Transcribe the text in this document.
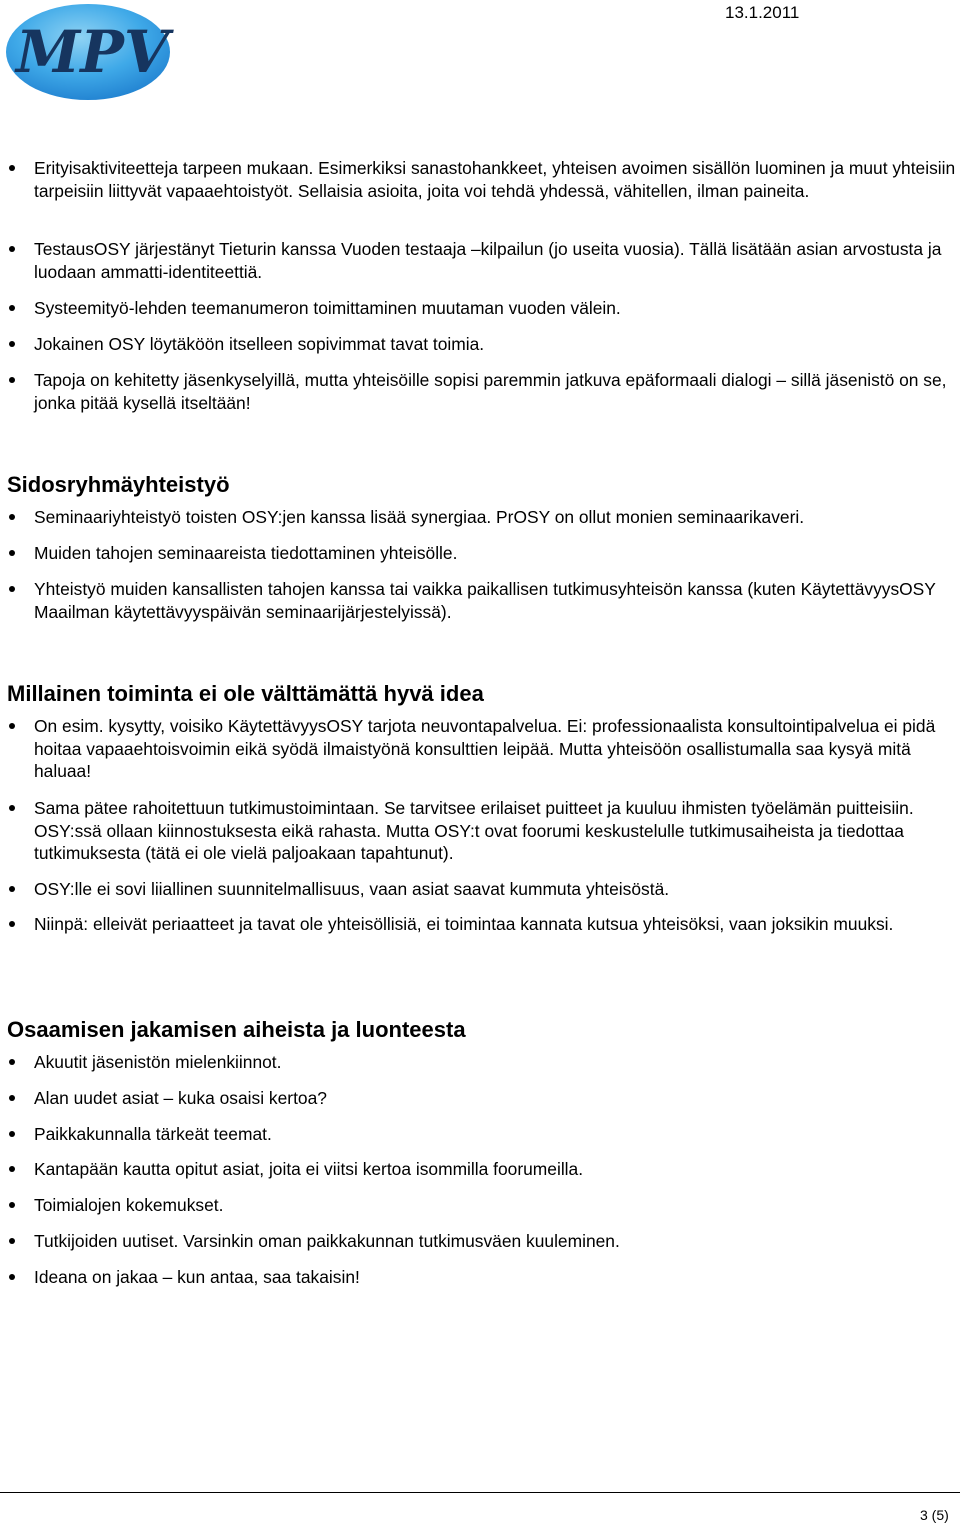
MPV
13.1.2011
Erityisaktiviteetteja tarpeen mukaan. Esimerkiksi sanastohankkeet, yhteisen avoimen sisällön luominen ja muut yhteisiin tarpeisiin liittyvät vapaaehtoistyöt. Sellaisia asioita, joita voi tehdä yhdessä, vähitellen, ilman paineita.
TestausOSY järjestänyt Tieturin kanssa Vuoden testaaja –kilpailun (jo useita vuosia). Tällä lisätään asian arvostusta ja luodaan ammatti-identiteettiä.
Systeemityö-lehden teemanumeron toimittaminen muutaman vuoden välein.
Jokainen OSY löytäköön itselleen sopivimmat tavat toimia.
Tapoja on kehitetty jäsenkyselyillä, mutta yhteisöille sopisi paremmin jatkuva epäformaali dialogi – sillä jäsenistö on se, jonka pitää kysellä itseltään!
Sidosryhmäyhteistyö
Seminaariyhteistyö toisten OSY:jen kanssa lisää synergiaa. PrOSY on ollut monien seminaarikaveri.
Muiden tahojen seminaareista tiedottaminen yhteisölle.
Yhteistyö muiden kansallisten tahojen kanssa tai vaikka paikallisen tutkimusyhteisön kanssa (kuten KäytettävyysOSY Maailman käytettävyyspäivän seminaarijärjestelyissä).
Millainen toiminta ei ole välttämättä hyvä idea
On esim. kysytty, voisiko KäytettävyysOSY tarjota neuvontapalvelua. Ei: professionaalista konsultointipalvelua ei pidä hoitaa vapaaehtoisvoimin eikä syödä ilmaistyönä konsulttien leipää. Mutta yhteisöön osallistumalla saa kysyä mitä haluaa!
Sama pätee rahoitettuun tutkimustoimintaan. Se tarvitsee erilaiset puitteet ja kuuluu ihmisten työelämän puitteisiin. OSY:ssä ollaan kiinnostuksesta eikä rahasta. Mutta OSY:t ovat foorumi keskustelulle tutkimusaiheista ja tiedottaa tutkimuksesta (tätä ei ole vielä paljoakaan tapahtunut).
OSY:lle ei sovi liiallinen suunnitelmallisuus, vaan asiat saavat kummuta yhteisöstä.
Niinpä: elleivät periaatteet ja tavat ole yhteisöllisiä, ei toimintaa kannata kutsua yhteisöksi, vaan joksikin muuksi.
Osaamisen jakamisen aiheista ja luonteesta
Akuutit jäsenistön mielenkiinnot.
Alan uudet asiat – kuka osaisi kertoa?
Paikkakunnalla tärkeät teemat.
Kantapään kautta opitut asiat, joita ei viitsi kertoa isommilla foorumeilla.
Toimialojen kokemukset.
Tutkijoiden uutiset. Varsinkin oman paikkakunnan tutkimusväen kuuleminen.
Ideana on jakaa – kun antaa, saa takaisin!
3 (5)
